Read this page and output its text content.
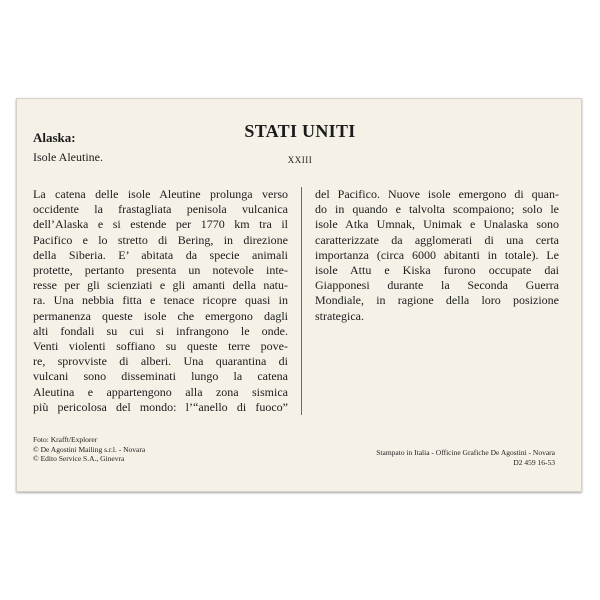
Alaska:
Isole Aleutine.
STATI UNITI
XXIII
La catena delle isole Aleutine prolunga verso
occidente la frastagliata penisola vulcanica
dell’Alaska e si estende per 1770 km tra il
Pacifico e lo stretto di Bering, in direzione
della Siberia. E’ abitata da specie animali
protette, pertanto presenta un notevole inte-
resse per gli scienziati e gli amanti della natu-
ra. Una nebbia fitta e tenace ricopre quasi in
permanenza queste isole che emergono dagli
alti fondali su cui si infrangono le onde.
Venti violenti soffiano su queste terre pove-
re, sprovviste di alberi. Una quarantina di
vulcani sono disseminati lungo la catena
Aleutina e appartengono alla zona sismica
più pericolosa del mondo: l’“anello di fuoco”
del Pacifico. Nuove isole emergono di quan-
do in quando e talvolta scompaiono; solo le
isole Atka Umnak, Unimak e Unalaska sono
caratterizzate da agglomerati di una certa
importanza (circa 6000 abitanti in totale). Le
isole Attu e Kiska furono occupate dai
Giapponesi durante la Seconda Guerra
Mondiale, in ragione della loro posizione
strategica.
Foto: Krafft/Explorer
© De Agostini Mailing s.r.l. - Novara
© Edito Service S.A., Ginevra
Stampato in Italia - Officine Grafiche De Agostini - Novara
D2 459 16-53
